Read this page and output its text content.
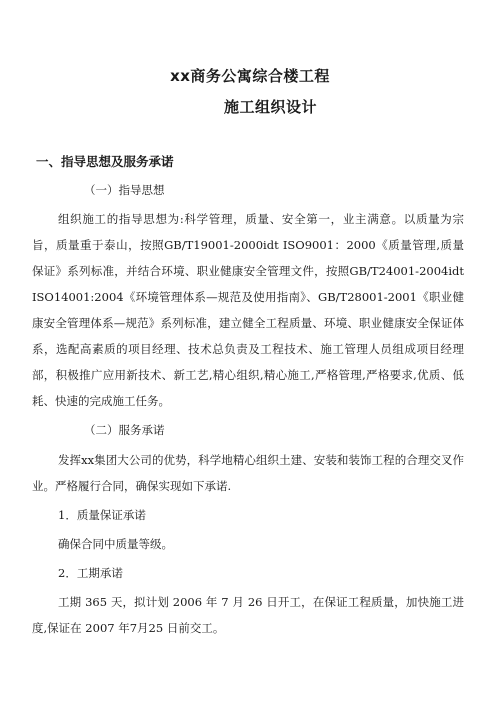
xx商务公寓综合楼工程
施工组织设计
一、指导思想及服务承诺

（一）指导思想

组织施工的指导思想为:科学管理，质量、安全第一，业主满意。以质量为宗旨，质量重于泰山，按照GB/T19001-2000idt ISO9001：2000《质量管理,质量保证》系列标准，并结合环境、职业健康安全管理文件，按照GB/T24001-2004idt ISO14001:2004《环境管理体系—规范及使用指南》、GB/T28001-2001《职业健康安全管理体系—规范》系列标准，建立健全工程质量、环境、职业健康安全保证体系，选配高素质的项目经理、技术总负责及工程技术、施工管理人员组成项目经理部，积极推广应用新技术、新工艺,精心组织,精心施工,严格管理,严格要求,优质、低耗、快速的完成施工任务。

（二）服务承诺

发挥xx集团大公司的优势，科学地精心组织土建、安装和装饰工程的合理交叉作业。严格履行合同，确保实现如下承诺.

1．质量保证承诺

确保合同中质量等级。

2．工期承诺

工期 365 天，拟计划 2006 年 7 月 26 日开工，在保证工程质量，加快施工进度,保证在 2007 年7月25 日前交工。
